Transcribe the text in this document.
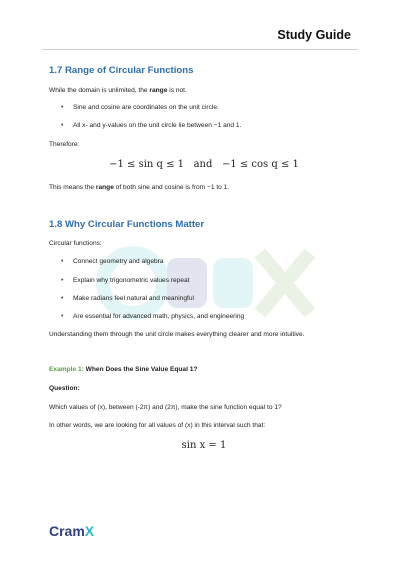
Study Guide
1.7 Range of Circular Functions
While the domain is unlimited, the range is not.
• Sine and cosine are coordinates on the unit circle.
• All x- and y-values on the unit circle lie between −1 and 1.
Therefore:
−1 ≤ sin q ≤ 1 and −1 ≤ cos q ≤ 1
This means the range of both sine and cosine is from −1 to 1.
1.8 Why Circular Functions Matter
Circular functions:
• Connect geometry and algebra
• Explain why trigonometric values repeat
• Make radians feel natural and meaningful
• Are essential for advanced math, physics, and engineering
Understanding them through the unit circle makes everything clearer and more intuitive.
Example 1: When Does the Sine Value Equal 1?
Question:
Which values of (x), between (-2π) and (2π), make the sine function equal to 1?
In other words, we are looking for all values of (x) in this interval such that:
sin x = 1
CramX
